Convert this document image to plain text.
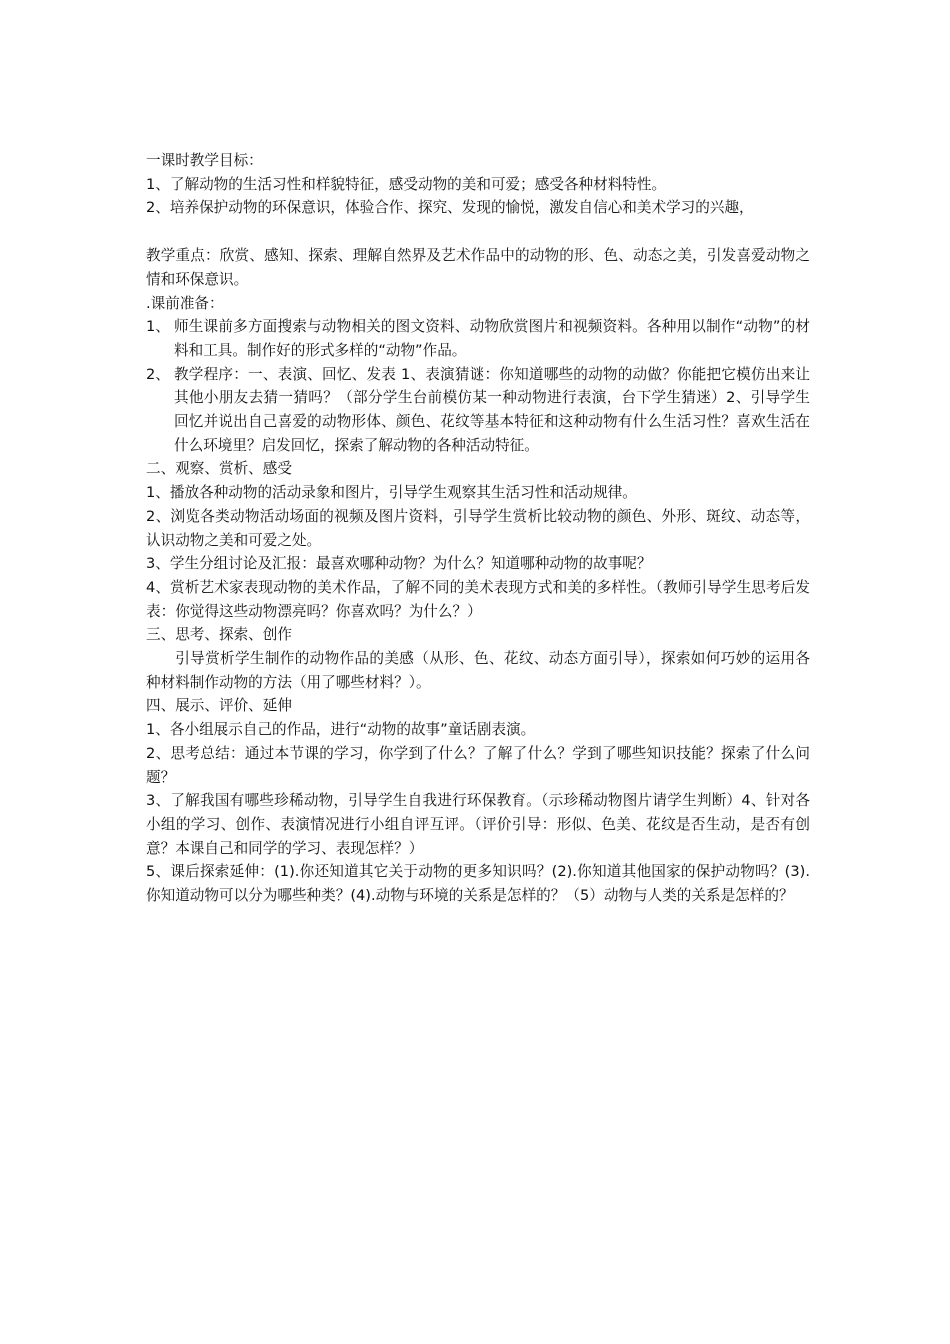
一课时教学目标：

1、了解动物的生活习性和样貌特征，感受动物的美和可爱；感受各种材料特性。

2、培养保护动物的环保意识，体验合作、探究、发现的愉悦，激发自信心和美术学习的兴趣，

教学重点：欣赏、感知、探索、理解自然界及艺术作品中的动物的形、色、动态之美，引发喜爱动物之情和环保意识。

.课前准备：

1、 师生课前多方面搜索与动物相关的图文资料、动物欣赏图片和视频资料。各种用以制作“动物”的材料和工具。制作好的形式多样的“动物”作品。
2、 教学程序：一、表演、回忆、发表 1、表演猜谜：你知道哪些的动物的动做？你能把它模仿出来让其他小朋友去猜一猜吗？（部分学生台前模仿某一种动物进行表演，台下学生猜迷）2、引导学生回忆并说出自己喜爱的动物形体、颜色、花纹等基本特征和这种动物有什么生活习性？喜欢生活在什么环境里？启发回忆，探索了解动物的各种活动特征。

二、观察、赏析、感受

1、播放各种动物的活动录象和图片，引导学生观察其生活习性和活动规律。

2、浏览各类动物活动场面的视频及图片资料，引导学生赏析比较动物的颜色、外形、斑纹、动态等，认识动物之美和可爱之处。

3、学生分组讨论及汇报：最喜欢哪种动物？为什么？知道哪种动物的故事呢？

4、赏析艺术家表现动物的美术作品，了解不同的美术表现方式和美的多样性。（教师引导学生思考后发表：你觉得这些动物漂亮吗？你喜欢吗？为什么？）

三、思考、探索、创作

引导赏析学生制作的动物作品的美感（从形、色、花纹、动态方面引导），探索如何巧妙的运用各种材料制作动物的方法（用了哪些材料？）。

四、展示、评价、延伸

1、各小组展示自己的作品，进行“动物的故事”童话剧表演。

2、思考总结：通过本节课的学习，你学到了什么？了解了什么？学到了哪些知识技能？探索了什么问题？

3、了解我国有哪些珍稀动物，引导学生自我进行环保教育。（示珍稀动物图片请学生判断）4、针对各小组的学习、创作、表演情况进行小组自评互评。（评价引导：形似、色美、花纹是否生动，是否有创意？本课自己和同学的学习、表现怎样？）

5、课后探索延伸：(1).你还知道其它关于动物的更多知识吗？(2).你知道其他国家的保护动物吗？(3).你知道动物可以分为哪些种类？(4).动物与环境的关系是怎样的？（5）动物与人类的关系是怎样的？
